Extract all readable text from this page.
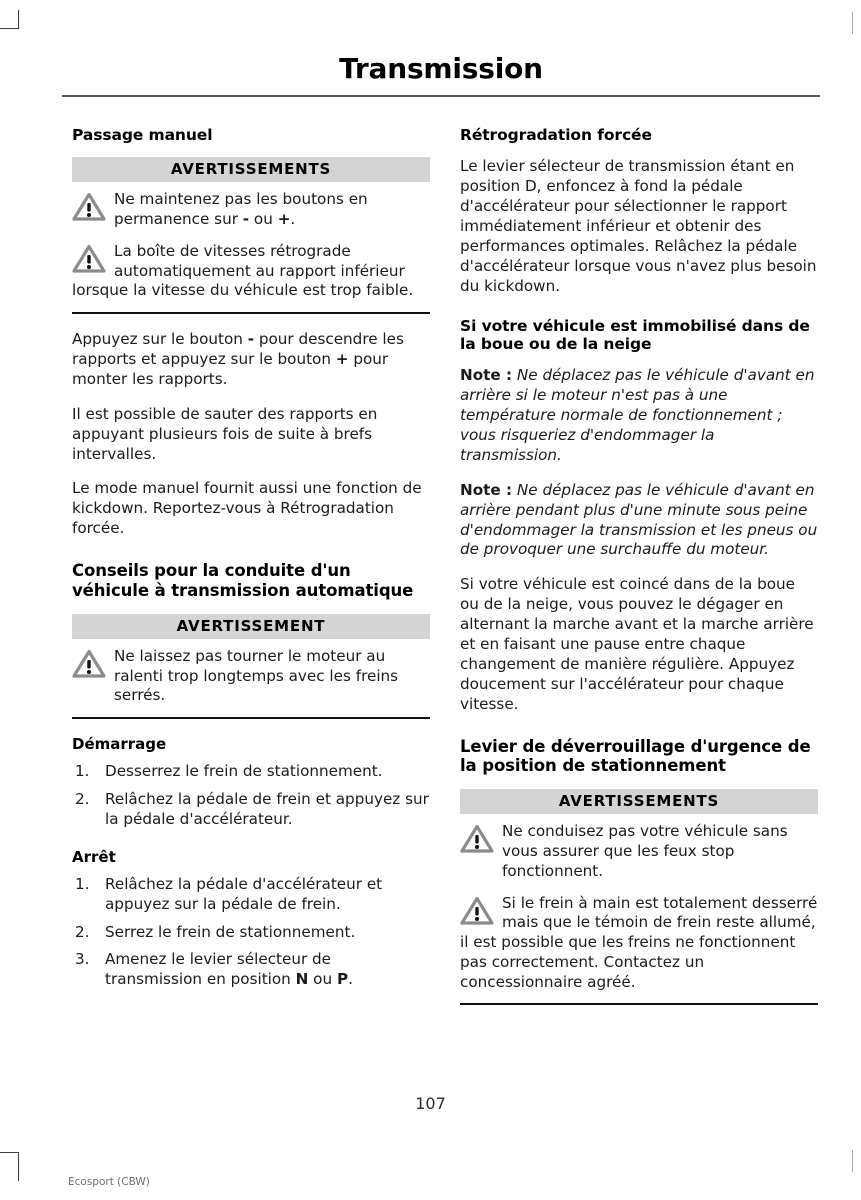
Transmission
Passage manuel
AVERTISSEMENTS
Ne maintenez pas les boutons en permanence sur - ou +.
La boîte de vitesses rétrograde automatiquement au rapport inférieur lorsque la vitesse du véhicule est trop faible.

Appuyez sur le bouton - pour descendre les rapports et appuyez sur le bouton + pour monter les rapports.

Il est possible de sauter des rapports en appuyant plusieurs fois de suite à brefs intervalles.

Le mode manuel fournit aussi une fonction de kickdown. Reportez-vous à Rétrogradation forcée.

Conseils pour la conduite d'un véhicule à transmission automatique
AVERTISSEMENT
Ne laissez pas tourner le moteur au ralenti trop longtemps avec les freins serrés.
Démarrage
1. Desserrez le frein de stationnement.
2. Relâchez la pédale de frein et appuyez sur la pédale d'accélérateur.
Arrêt
1. Relâchez la pédale d'accélérateur et appuyez sur la pédale de frein.
2. Serrez le frein de stationnement.
3. Amenez le levier sélecteur de transmission en position N ou P.
Rétrogradation forcée

Le levier sélecteur de transmission étant en position D, enfoncez à fond la pédale d'accélérateur pour sélectionner le rapport immédiatement inférieur et obtenir des performances optimales. Relâchez la pédale d'accélérateur lorsque vous n'avez plus besoin du kickdown.

Si votre véhicule est immobilisé dans de la boue ou de la neige

Note : Ne déplacez pas le véhicule d'avant en arrière si le moteur n'est pas à une température normale de fonctionnement ; vous risqueriez d'endommager la transmission.

Note : Ne déplacez pas le véhicule d'avant en arrière pendant plus d'une minute sous peine d'endommager la transmission et les pneus ou de provoquer une surchauffe du moteur.

Si votre véhicule est coincé dans de la boue ou de la neige, vous pouvez le dégager en alternant la marche avant et la marche arrière et en faisant une pause entre chaque changement de manière régulière. Appuyez doucement sur l'accélérateur pour chaque vitesse.

Levier de déverrouillage d'urgence de la position de stationnement
AVERTISSEMENTS
Ne conduisez pas votre véhicule sans vous assurer que les feux stop fonctionnent.
Si le frein à main est totalement desserré mais que le témoin de frein reste allumé, il est possible que les freins ne fonctionnent pas correctement. Contactez un concessionnaire agréé.
107
Ecosport (CBW)
